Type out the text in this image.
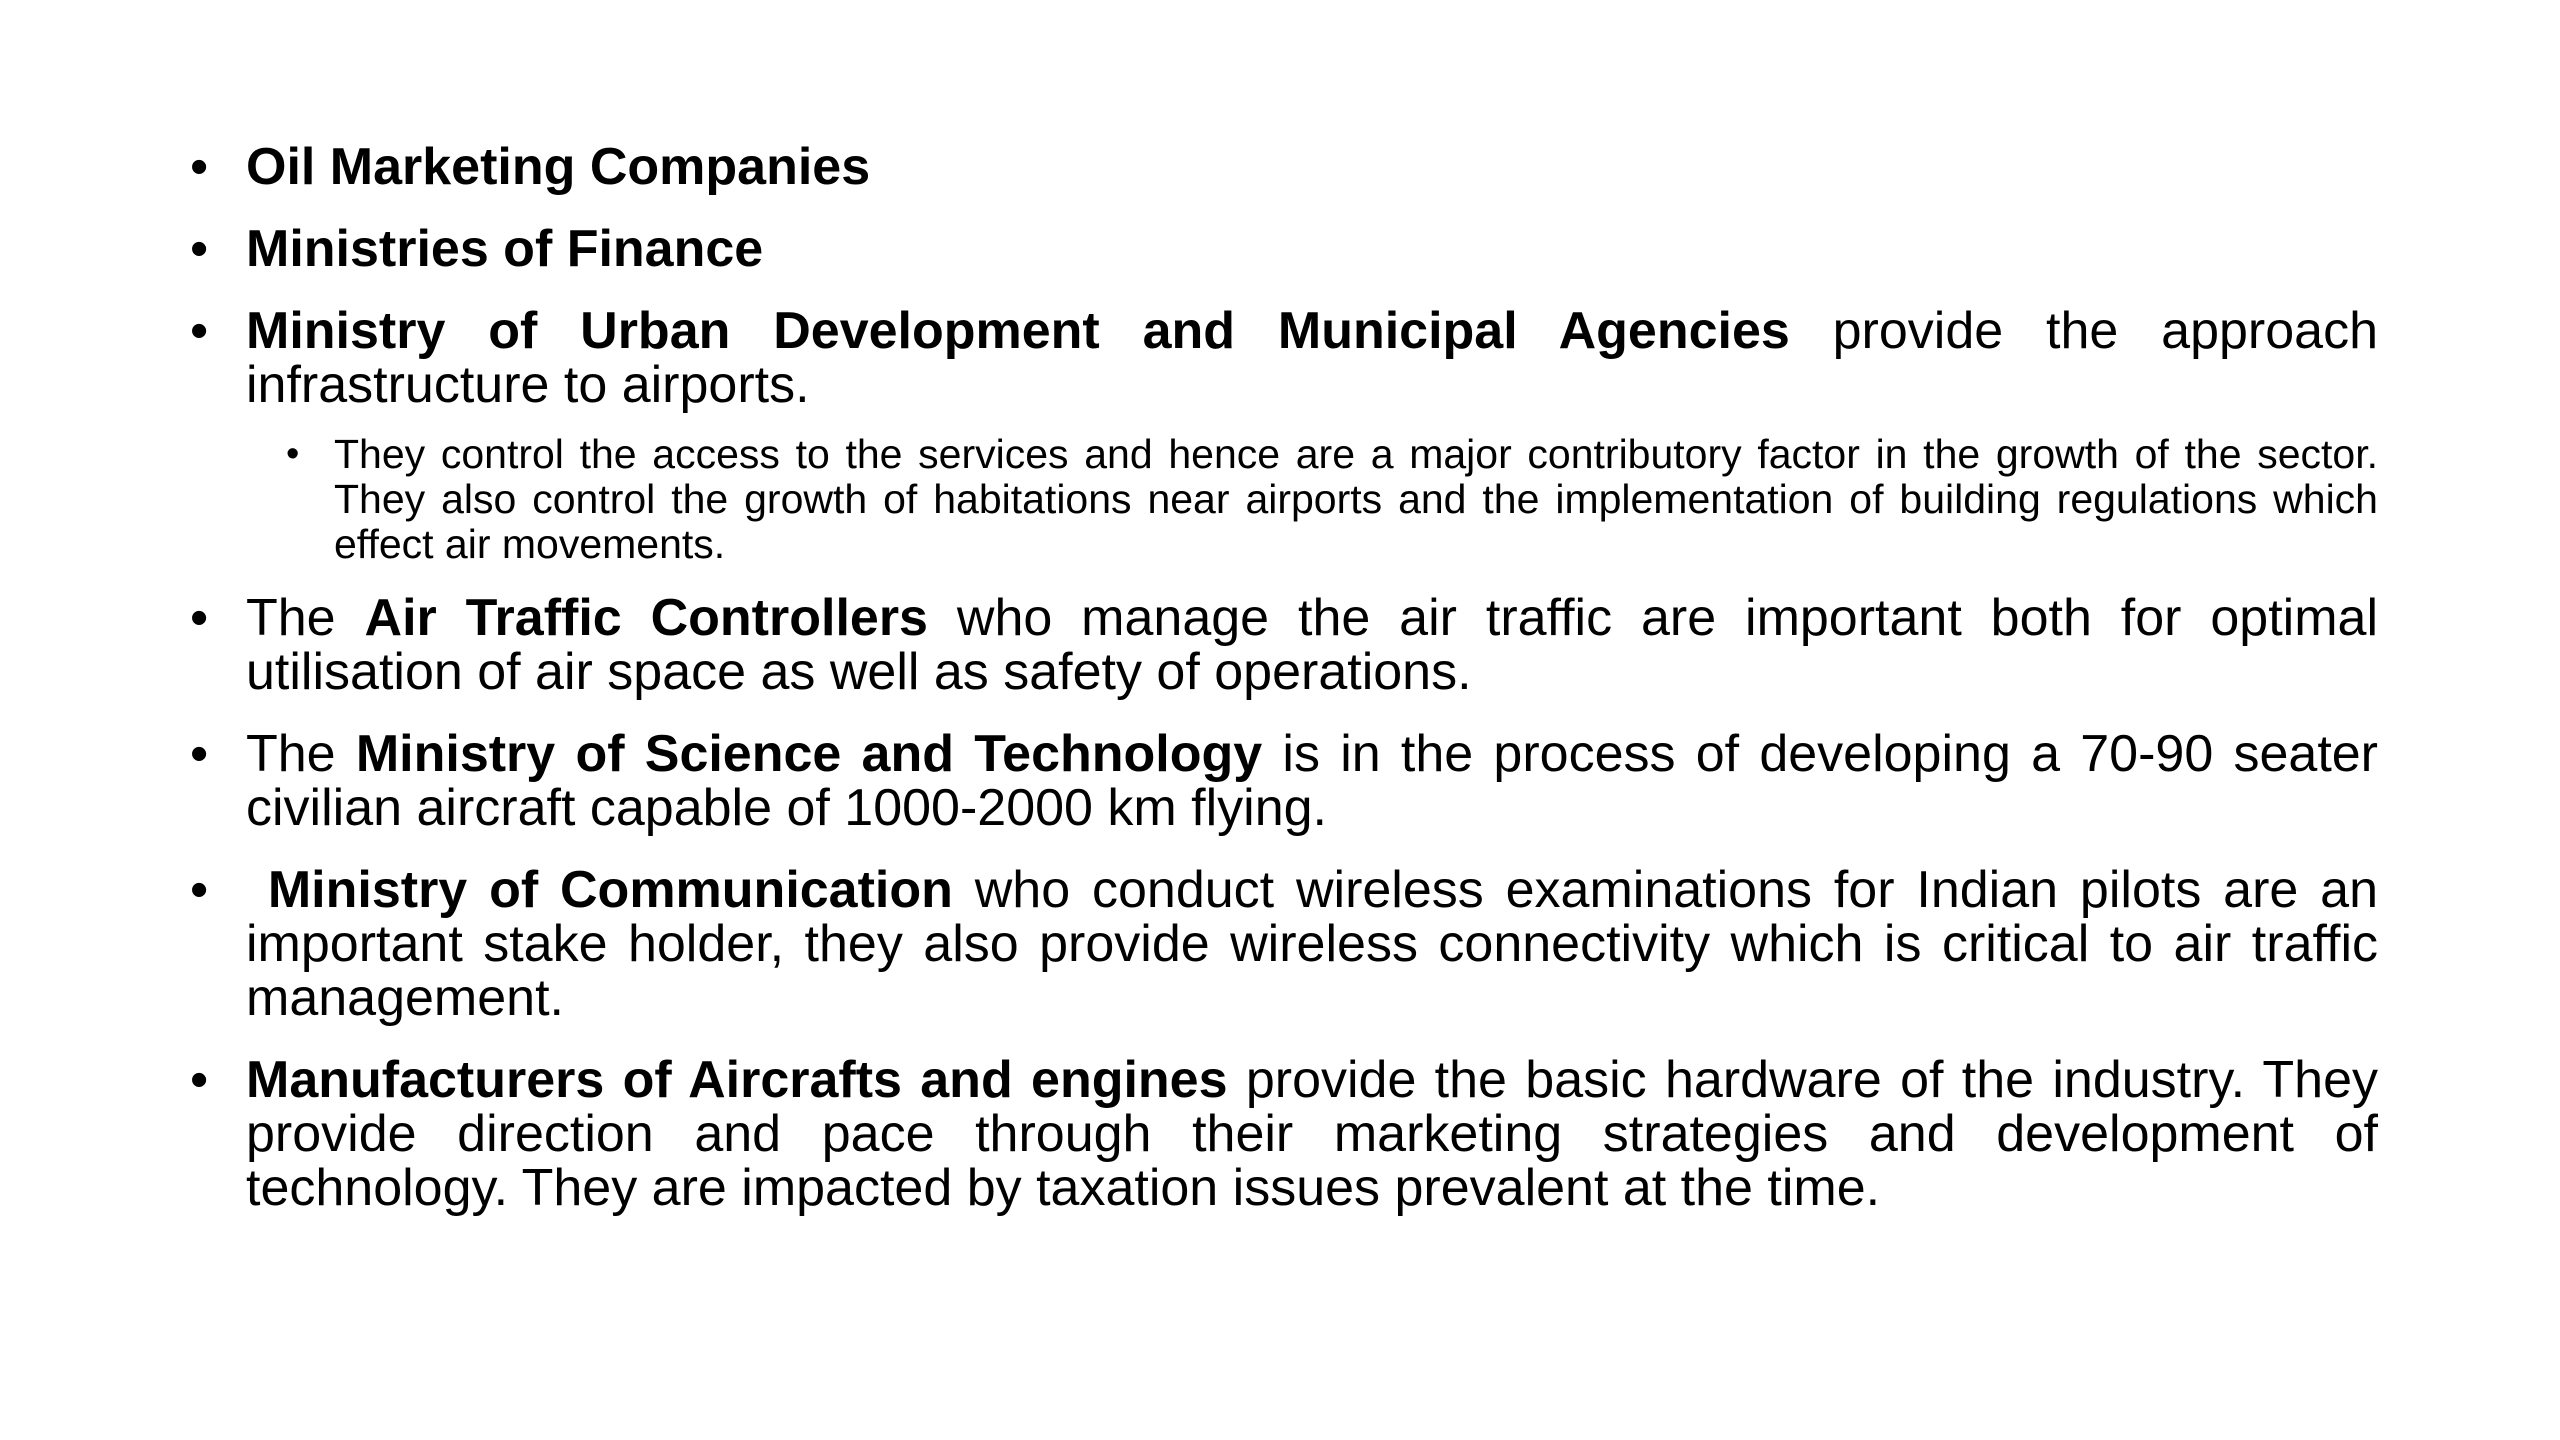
• Oil Marketing Companies
• Ministries of Finance
• Ministry of Urban Development and Municipal Agencies provide the approach infrastructure to airports.
• They control the access to the services and hence are a major contributory factor in the growth of the sector. They also control the growth of habitations near airports and the implementation of building regulations which effect air movements.
• The Air Traffic Controllers who manage the air traffic are important both for optimal utilisation of air space as well as safety of operations.
• The Ministry of Science and Technology is in the process of developing a 70-90 seater civilian aircraft capable of 1000-2000 km flying.
• Ministry of Communication who conduct wireless examinations for Indian pilots are an important stake holder, they also provide wireless connectivity which is critical to air traffic management.
• Manufacturers of Aircrafts and engines provide the basic hardware of the industry. They provide direction and pace through their marketing strategies and development of technology. They are impacted by taxation issues prevalent at the time.
